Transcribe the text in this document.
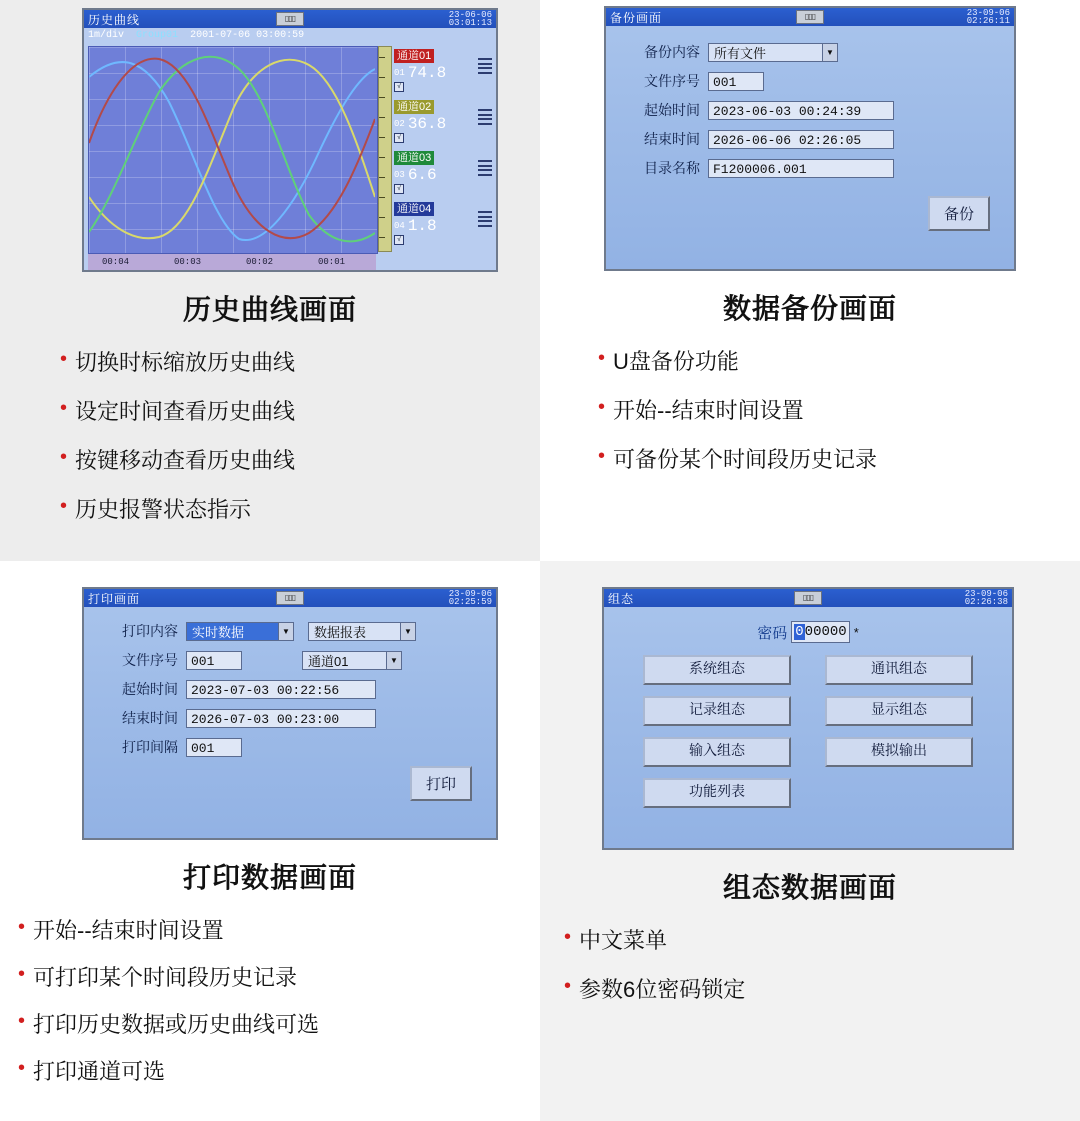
历史曲线	▯▯▯	23-06-06
03:01:13
1m/div Group01 2001-07-06 03:00:59
00:04	00:03	00:02	00:01
通道01
01 74.8
√
通道02
02 36.8
√
通道03
03 6.6
√
通道04
04 1.8
√
历史曲线画面
• 切换时标缩放历史曲线
• 设定时间查看历史曲线
• 按键移动查看历史曲线
• 历史报警状态指示
备份画面	▯▯▯	23-09-06
02:26:11
备份内容	所有文件	▼
文件序号	001
起始时间	2023-06-03 00:24:39
结束时间	2026-06-06 02:26:05
目录名称	F1200006.001
备份
数据备份画面
• U盘备份功能
• 开始--结束时间设置
• 可备份某个时间段历史记录
打印画面	▯▯▯	23-09-06
02:25:59
打印内容	实时数据	▼	数据报表	▼
文件序号	001	通道01	▼
起始时间	2023-07-03 00:22:56
结束时间	2026-07-03 00:23:00
打印间隔	001
打印
打印数据画面
• 开始--结束时间设置
• 可打印某个时间段历史记录
• 打印历史数据或历史曲线可选
• 打印通道可选
组态	▯▯▯	23-09-06
02:26:38
密码 000000 *
系统组态	通讯组态
记录组态	显示组态
输入组态	模拟输出
功能列表
组态数据画面
• 中文菜单
• 参数6位密码锁定
